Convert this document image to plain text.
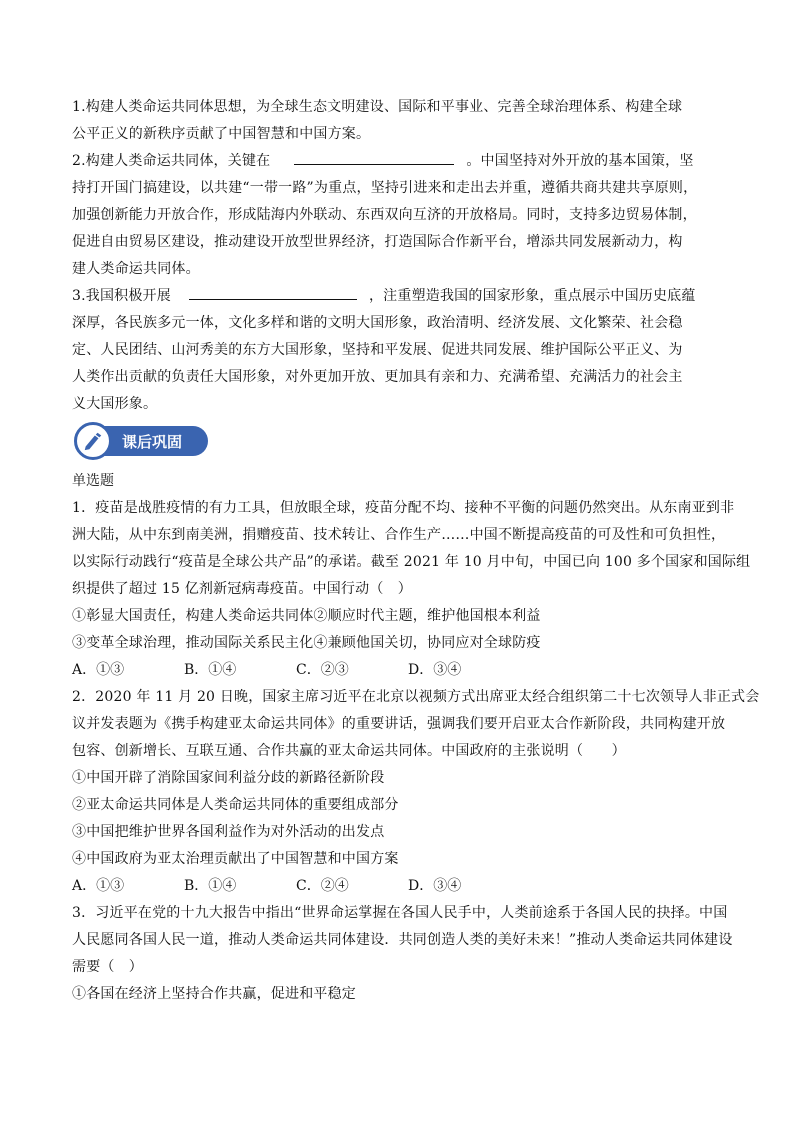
1.构建人类命运共同体思想，为全球生态文明建设、国际和平事业、完善全球治理体系、构建全球
公平正义的新秩序贡献了中国智慧和中国方案。
2.构建人类命运共同体，关键在	。中国坚持对外开放的基本国策，坚
持打开国门搞建设，以共建“一带一路”为重点，坚持引进来和走出去并重，遵循共商共建共享原则，
加强创新能力开放合作，形成陆海内外联动、东西双向互济的开放格局。同时，支持多边贸易体制，
促进自由贸易区建设，推动建设开放型世界经济，打造国际合作新平台，增添共同发展新动力，构
建人类命运共同体。
3.我国积极开展	，注重塑造我国的国家形象，重点展示中国历史底蕴
深厚，各民族多元一体，文化多样和谐的文明大国形象，政治清明、经济发展、文化繁荣、社会稳
定、人民团结、山河秀美的东方大国形象，坚持和平发展、促进共同发展、维护国际公平正义、为
人类作出贡献的负责任大国形象，对外更加开放、更加具有亲和力、充满希望、充满活力的社会主
义大国形象。
课后巩固
单选题
1．疫苗是战胜疫情的有力工具，但放眼全球，疫苗分配不均、接种不平衡的问题仍然突出。从东南亚到非
洲大陆，从中东到南美洲，捐赠疫苗、技术转让、合作生产……中国不断提高疫苗的可及性和可负担性，
以实际行动践行“疫苗是全球公共产品”的承诺。截至 2021 年 10 月中旬，中国已向 100 多个国家和国际组
织提供了超过 15 亿剂新冠病毒疫苗。中国行动（　）
①彰显大国责任，构建人类命运共同体②顺应时代主题，维护他国根本利益
③变革全球治理，推动国际关系民主化④兼顾他国关切，协同应对全球防疫
A．①③	B．①④	C．②③	D．③④
2．2020 年 11 月 20 日晚，国家主席习近平在北京以视频方式出席亚太经合组织第二十七次领导人非正式会
议并发表题为《携手构建亚太命运共同体》的重要讲话，强调我们要开启亚太合作新阶段，共同构建开放
包容、创新增长、互联互通、合作共赢的亚太命运共同体。中国政府的主张说明（　　）
①中国开辟了消除国家间利益分歧的新路径新阶段
②亚太命运共同体是人类命运共同体的重要组成部分
③中国把维护世界各国利益作为对外活动的出发点
④中国政府为亚太治理贡献出了中国智慧和中国方案
A．①③	B．①④	C．②④	D．③④
3．习近平在党的十九大报告中指出“世界命运掌握在各国人民手中，人类前途系于各国人民的抉择。中国
人民愿同各国人民一道，推动人类命运共同体建设．共同创造人类的美好未来！”推动人类命运共同体建设
需要（　）
①各国在经济上坚持合作共赢，促进和平稳定
